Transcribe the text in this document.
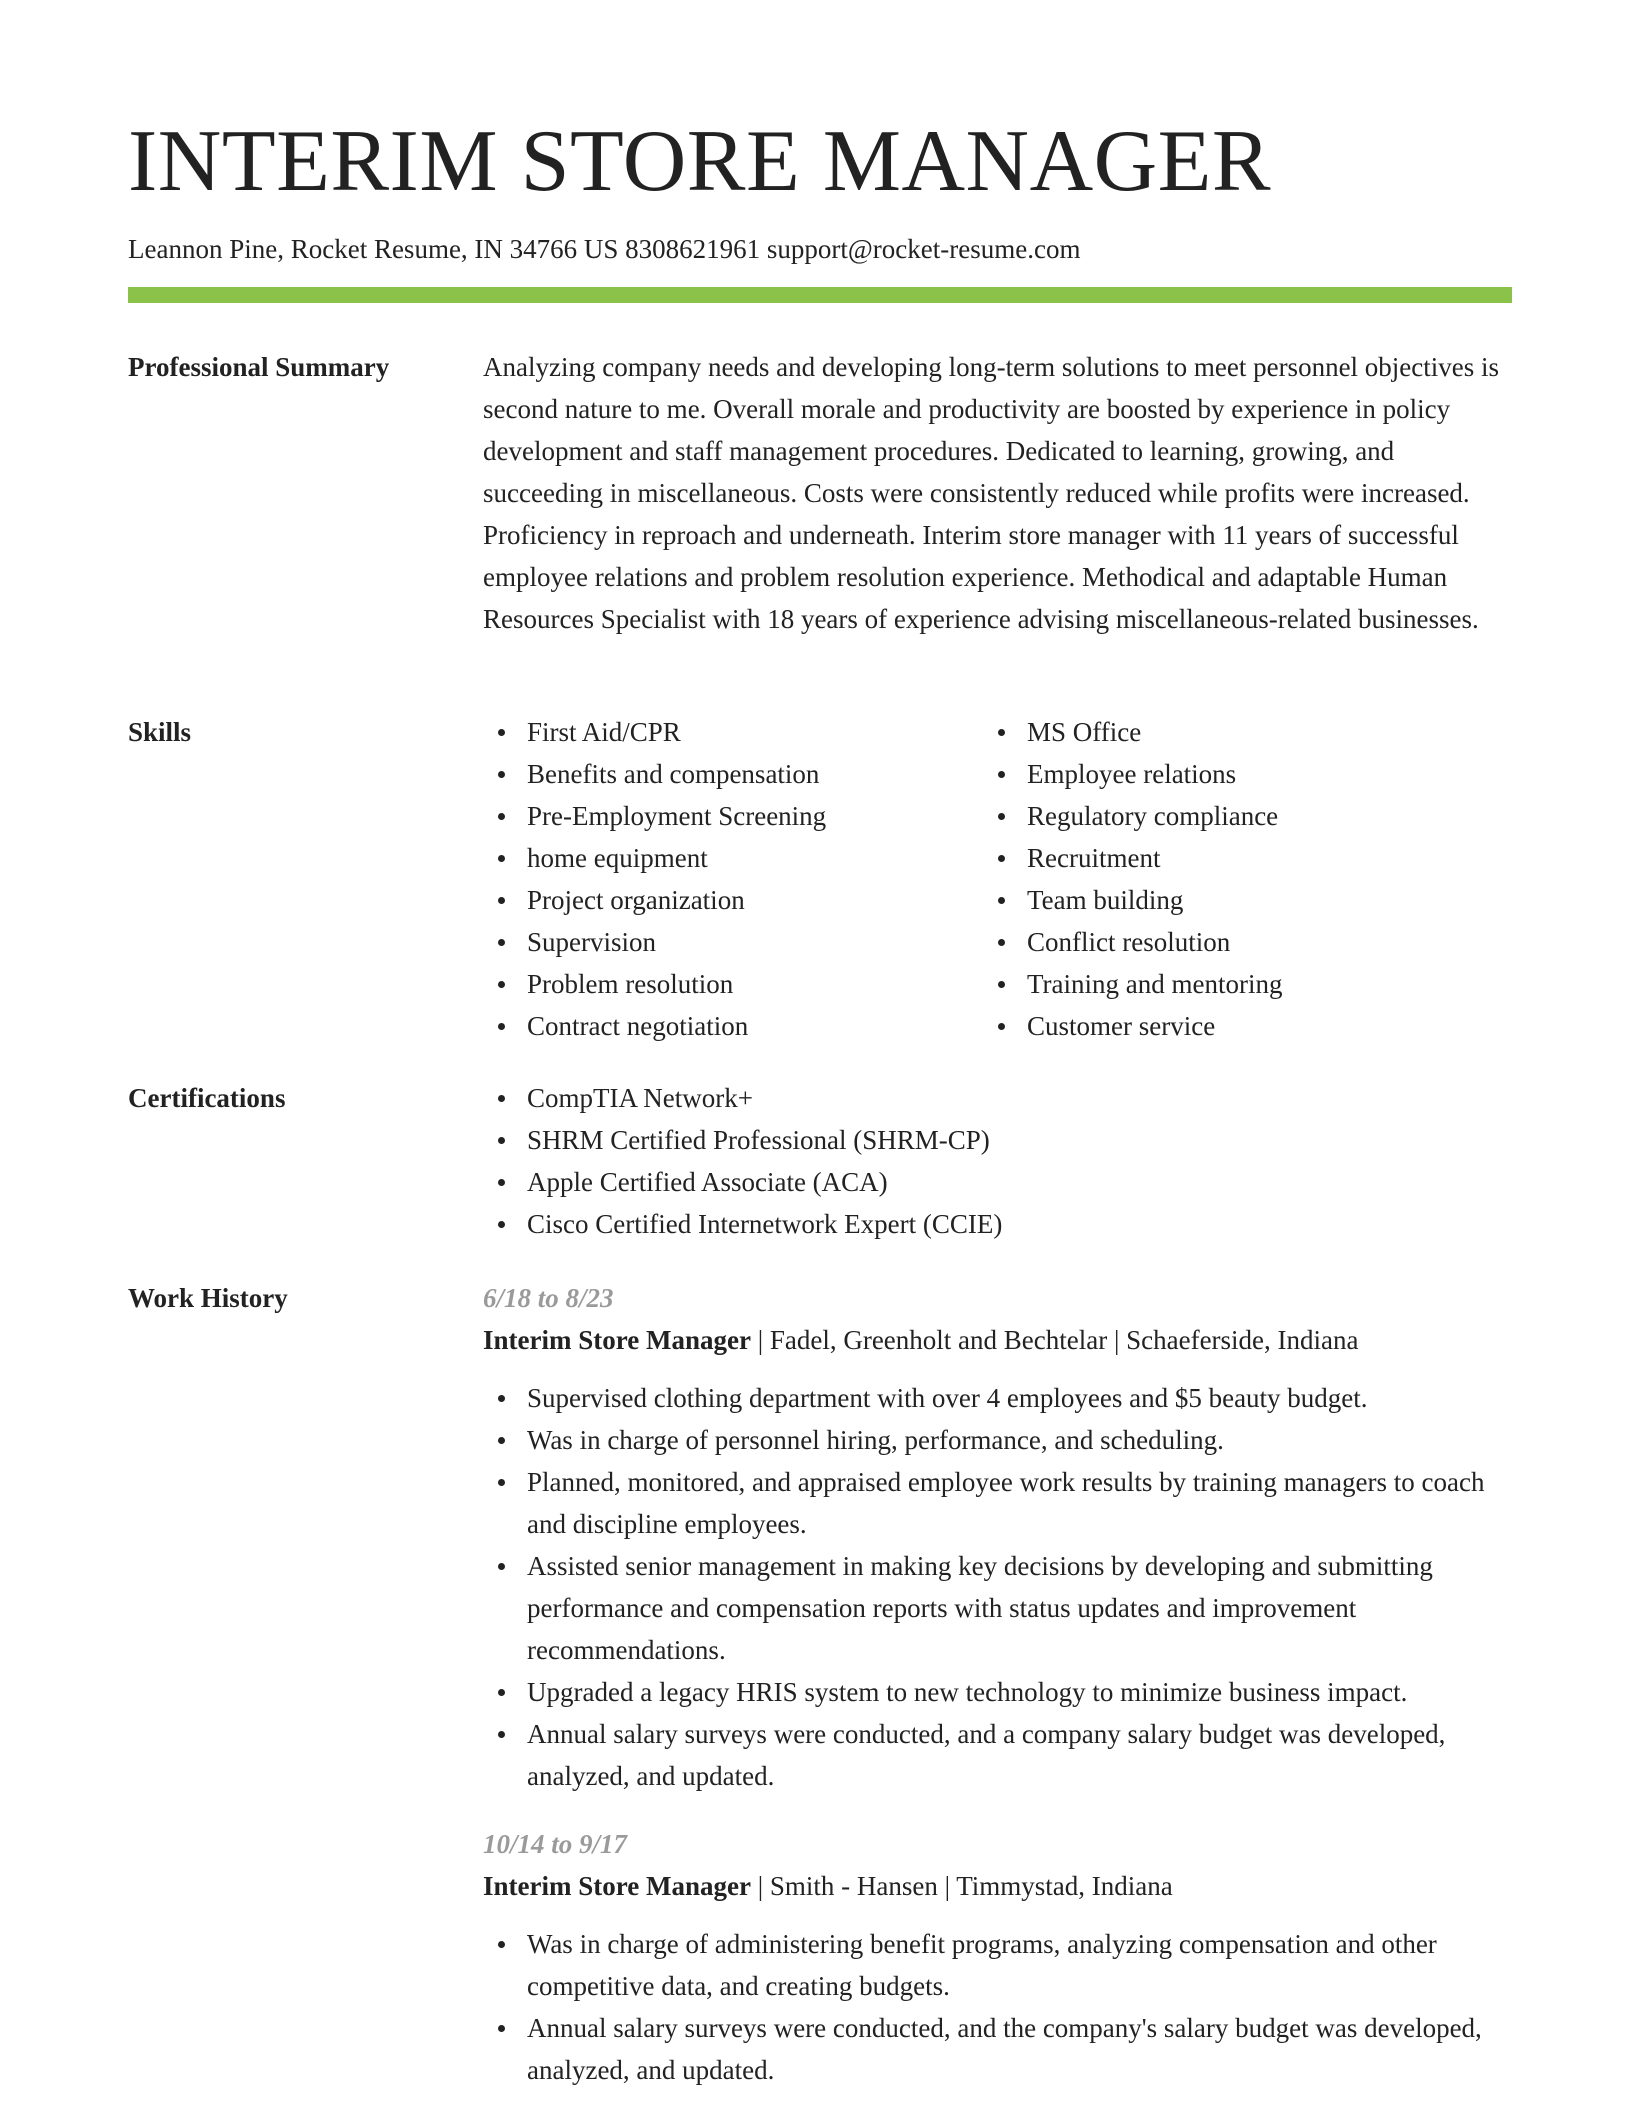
INTERIM STORE MANAGER
Leannon Pine, Rocket Resume, IN 34766 US 8308621961 support@rocket-resume.com
Professional Summary	Analyzing company needs and developing long-term solutions to meet personnel objectives is second nature to me. Overall morale and productivity are boosted by experience in policy development and staff management procedures. Dedicated to learning, growing, and succeeding in miscellaneous. Costs were consistently reduced while profits were increased. Proficiency in reproach and underneath. Interim store manager with 11 years of successful employee relations and problem resolution experience. Methodical and adaptable Human Resources Specialist with 18 years of experience advising miscellaneous-related businesses.

Skills	First Aid/CPR
Benefits and compensation
Pre-Employment Screening
home equipment
Project organization
Supervision
Problem resolution
Contract negotiation
MS Office
Employee relations
Regulatory compliance
Recruitment
Team building
Conflict resolution
Training and mentoring
Customer service
Certifications	CompTIA Network+
SHRM Certified Professional (SHRM-CP)
Apple Certified Associate (ACA)
Cisco Certified Internetwork Expert (CCIE)
Work History	6/18 to 8/23
Interim Store Manager | Fadel, Greenholt and Bechtelar | Schaeferside, Indiana
Supervised clothing department with over 4 employees and $5 beauty budget.
Was in charge of personnel hiring, performance, and scheduling.
Planned, monitored, and appraised employee work results by training managers to coach and discipline employees.
Assisted senior management in making key decisions by developing and submitting performance and compensation reports with status updates and improvement recommendations.
Upgraded a legacy HRIS system to new technology to minimize business impact.
Annual salary surveys were conducted, and a company salary budget was developed, analyzed, and updated.
10/14 to 9/17
Interim Store Manager | Smith - Hansen | Timmystad, Indiana
Was in charge of administering benefit programs, analyzing compensation and other competitive data, and creating budgets.
Annual salary surveys were conducted, and the company's salary budget was developed, analyzed, and updated.
